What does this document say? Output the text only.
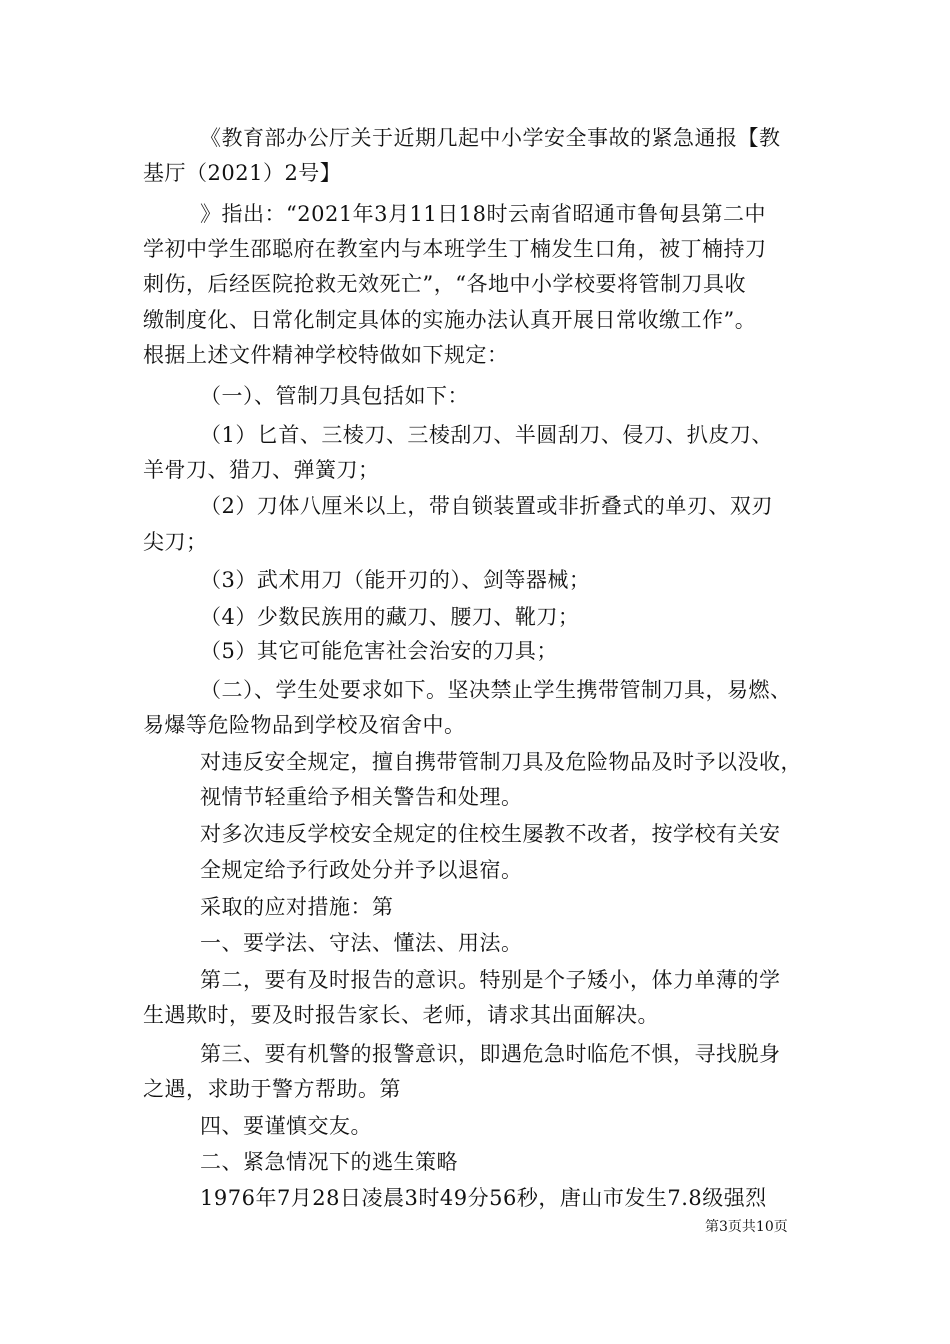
《教育部办公厅关于近期几起中小学安全事故的紧急通报【教
基厅（2021）2号】
》指出：“2021年3月11日18时云南省昭通市鲁甸县第二中
学初中学生邵聪府在教室内与本班学生丁楠发生口角，被丁楠持刀
刺伤，后经医院抢救无效死亡”，“各地中小学校要将管制刀具收
缴制度化、日常化制定具体的实施办法认真开展日常收缴工作”。
根据上述文件精神学校特做如下规定：
（一）、管制刀具包括如下：
（1）匕首、三棱刀、三棱刮刀、半圆刮刀、侵刀、扒皮刀、
羊骨刀、猎刀、弹簧刀；
（2）刀体八厘米以上，带自锁装置或非折叠式的单刃、双刃
尖刀；
（3）武术用刀（能开刃的）、剑等器械；
（4）少数民族用的藏刀、腰刀、靴刀；
（5）其它可能危害社会治安的刀具；
（二）、学生处要求如下。坚决禁止学生携带管制刀具，易燃、
易爆等危险物品到学校及宿舍中。
对违反安全规定，擅自携带管制刀具及危险物品及时予以没收，
视情节轻重给予相关警告和处理。
对多次违反学校安全规定的住校生屡教不改者，按学校有关安
全规定给予行政处分并予以退宿。
采取的应对措施：第
一、要学法、守法、懂法、用法。
第二，要有及时报告的意识。特别是个子矮小，体力单薄的学
生遇欺时，要及时报告家长、老师，请求其出面解决。
第三、要有机警的报警意识，即遇危急时临危不惧，寻找脱身
之遇，求助于警方帮助。第
四、要谨慎交友。
二、紧急情况下的逃生策略
1976年7月28日凌晨3时49分56秒，唐山市发生7.8级强烈
第3页共10页
